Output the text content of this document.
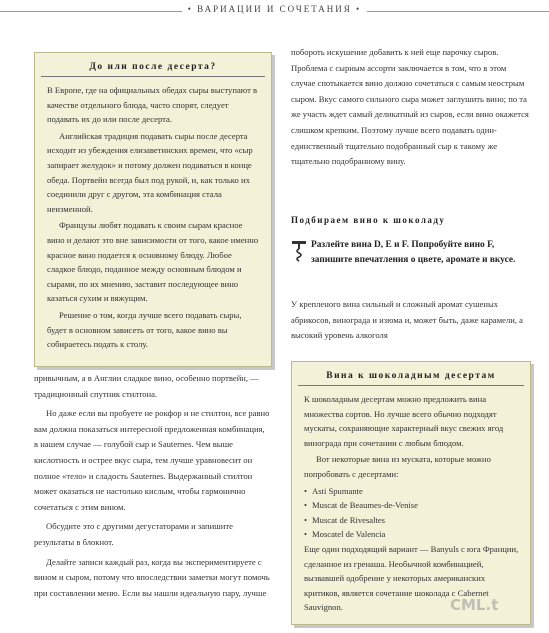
• ВАРИАЦИИ И СОЧЕТАНИЯ •
До или после десерта?

В Европе, где на официальных обедах сыры выступают в качестве отдельного блюда, часто спорят, следует подавать их до или после десерта.

Английская традиция подавать сыры после десерта исходит из убеждения елизаветинских времен, что «сыр запирает желудок» и потому должен подаваться в конце обеда. Портвейн всегда был под рукой, и, как только их соединили друг с другом, эта комбинация стала неизменной.

Французы любят подавать к своим сырам красное вино и делают это вне зависимости от того, какое именно красное вино подается к основному блюду. Любое сладкое блюдо, поданное между основным блюдом и сырами, по их мнению, заставит последующее вино казаться сухим и вяжущим.

Решение о том, когда лучше всего подавать сыры, будет в основном зависеть от того, какое вино вы собираетесь подать к столу.

привычным, а в Англии сладкое вино, особенно портвейн, — традиционный спутник стилтона.

Но даже если вы пробуете не рокфор и не стилтон, все равно вам должна показаться интересной предложенная комбинация, в нашем случае — голубой сыр и Sauternes. Чем выше кислотность и острее вкус сыра, тем лучше уравновесит он полное «тело» и сладость Sauternes. Выдержанный стилтон может оказаться не настолько кислым, чтобы гармонично сочетаться с этим вином.

Обсудите это с другими дегустаторами и запишите результаты в блокнот.

Делайте записи каждый раз, когда вы экспериментируете с вином и сыром, потому что впоследствии заметки могут помочь при составлении меню. Если вы нашли идеальную пару, лучше

побороть искушение добавить к ней еще парочку сыров. Проблема с сырным ассорти заключается в том, что в этом случае спотыкается вино должно сочетаться с самым неострым сыром. Вкус самого сильного сыра может заглушить вино; по та же участь ждет самый деликатный из сыров, если вино окажется слишком крепким. Поэтому лучше всего подавать один-единственный тщательно подобранный сыр к такому же тщательно подобранному вину.

Подбираем вино к шоколаду
Разлейте вина D, E и F. Попробуйте вино F, запишите впечатления о цвете, аромате и вкусе.

У крепленого вина сильный и сложный аромат сушеных абрикосов, винограда и изюма и, может быть, даже карамели, а высокий уровень алкоголя

Вина к шоколадным десертам

К шоколадным десертам можно предложить вина множества сортов. Но лучше всего обычно подходят мускаты, сохраняющие характерный вкус свежих ягод винограда при сочетании с любым блюдом.

Вот некоторые вина из муската, которые можно попробовать с десертами:

• Asti Spumante
• Muscat de Beaumes-de-Venise
• Muscat de Rivesaltes
• Moscatel de Valencia

Еще один подходящий вариант — Banyuls с юга Франции, сделанное из гренаша. Необычной комбинацией, вызвавшей одобрение у некоторых американских критиков, является сочетание шоколада с Cabernet Sauvignon.	CML.t
